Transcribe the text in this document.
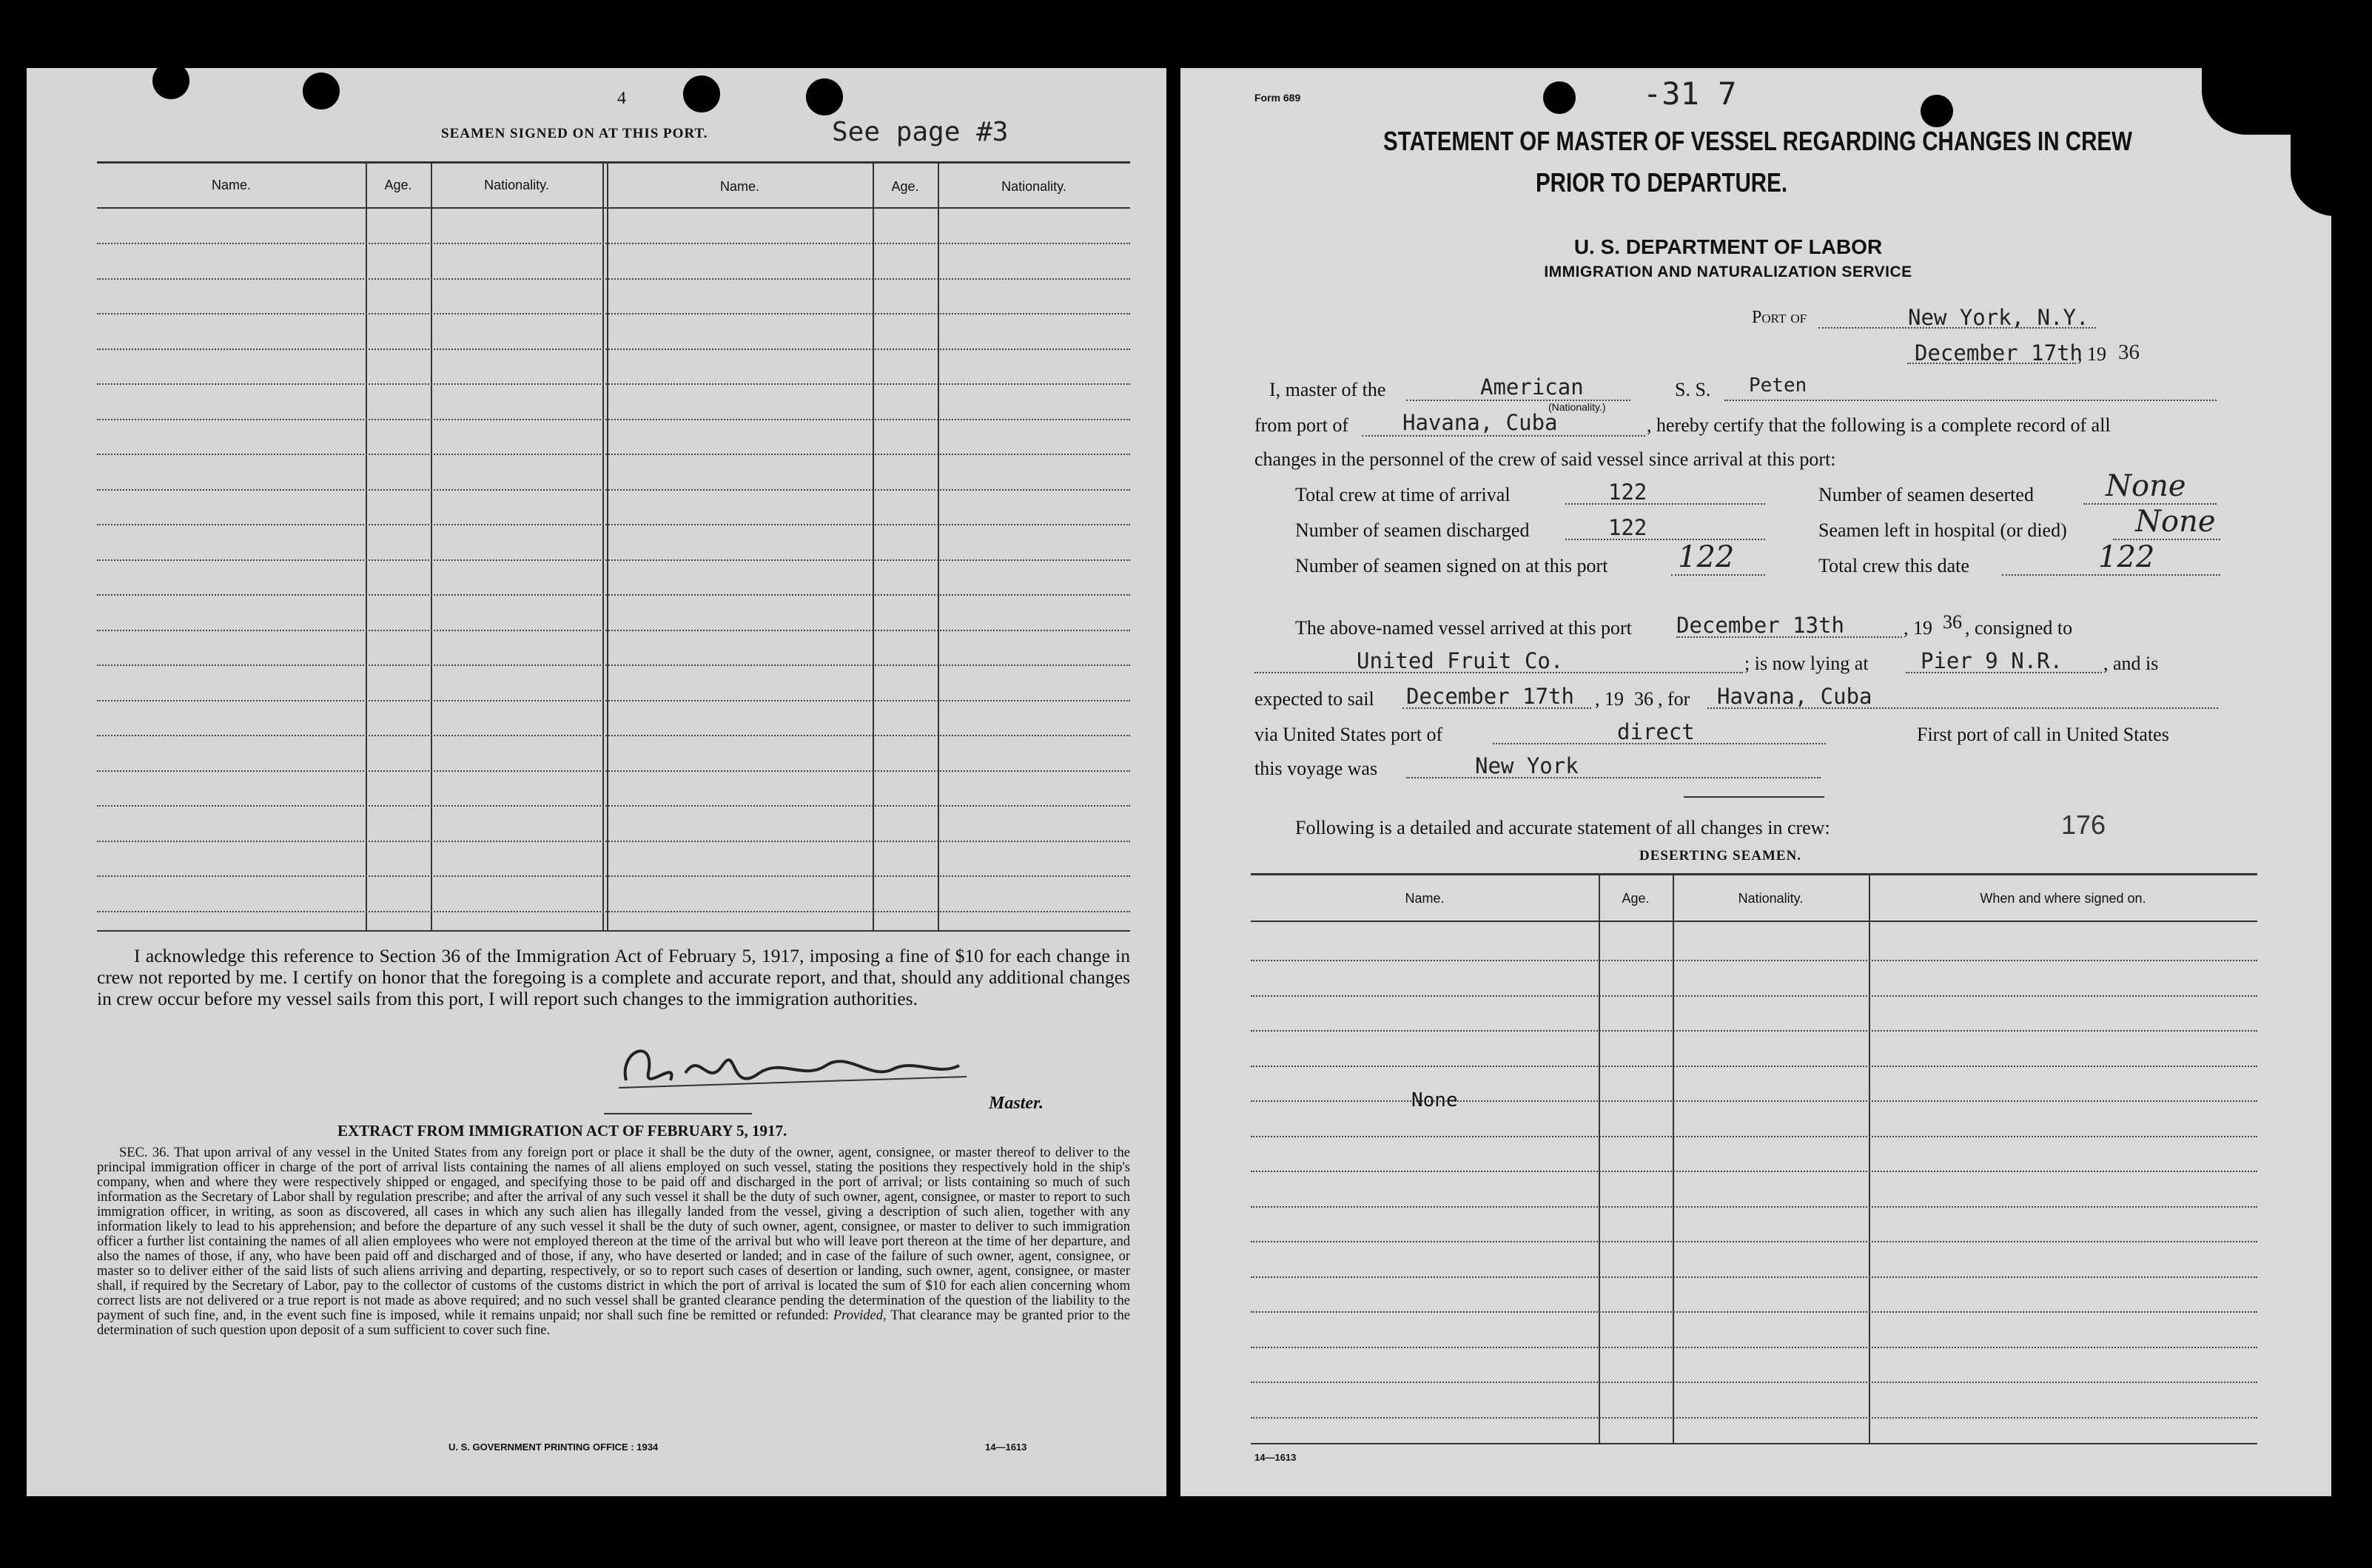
4
SEAMEN SIGNED ON AT THIS PORT.	See page #3
Name.	Age.	Nationality.	Name.	Age.	Nationality.
I acknowledge this reference to Section 36 of the Immigration Act of February 5, 1917, imposing a fine of $10 for each change in crew not reported by me. I certify on honor that the foregoing is a complete and accurate report, and that, should any additional changes in crew occur before my vessel sails from this port, I will report such changes to the immigration authorities.
Master.
EXTRACT FROM IMMIGRATION ACT OF FEBRUARY 5, 1917.
SEC. 36. That upon arrival of any vessel in the United States from any foreign port or place it shall be the duty of the owner, agent, consignee, or master thereof to deliver to the principal immigration officer in charge of the port of arrival lists containing the names of all aliens employed on such vessel, stating the positions they respectively hold in the ship's company, when and where they were respectively shipped or engaged, and specifying those to be paid off and discharged in the port of arrival; or lists containing so much of such information as the Secretary of Labor shall by regulation prescribe; and after the arrival of any such vessel it shall be the duty of such owner, agent, consignee, or master to report to such immigration officer, in writing, as soon as discovered, all cases in which any such alien has illegally landed from the vessel, giving a description of such alien, together with any information likely to lead to his apprehension; and before the departure of any such vessel it shall be the duty of such owner, agent, consignee, or master to deliver to such immigration officer a further list containing the names of all alien employees who were not employed thereon at the time of the arrival but who will leave port thereon at the time of her departure, and also the names of those, if any, who have been paid off and discharged and of those, if any, who have deserted or landed; and in case of the failure of such owner, agent, consignee, or master so to deliver either of the said lists of such aliens arriving and departing, respectively, or so to report such cases of desertion or landing, such owner, agent, consignee, or master shall, if required by the Secretary of Labor, pay to the collector of customs of the customs district in which the port of arrival is located the sum of $10 for each alien concerning whom correct lists are not delivered or a true report is not made as above required; and no such vessel shall be granted clearance pending the determination of the question of the liability to the payment of such fine, and, in the event such fine is imposed, while it remains unpaid; nor shall such fine be remitted or refunded: Provided, That clearance may be granted prior to the determination of such question upon deposit of a sum sufficient to cover such fine.
U. S. GOVERNMENT PRINTING OFFICE : 1934	14—1613
Form 689	-31 7
STATEMENT OF MASTER OF VESSEL REGARDING CHANGES IN CREW
PRIOR TO DEPARTURE.
U. S. DEPARTMENT OF LABOR
IMMIGRATION AND NATURALIZATION SERVICE
Port of	New York, N.Y.
December 17th
, 19 36
I, master of the	American
(Nationality.)
S. S. Peten
from port of	Havana, Cuba	, hereby certify that the following is a complete record of all
changes in the personnel of the crew of said vessel since arrival at this port:
Total crew at time of arrival	122	Number of seamen deserted None
Number of seamen discharged	122	Seamen left in hospital (or died) None
Number of seamen signed on at this port 122	Total crew this date	122
The above-named vessel arrived at this port December 13th	, 19 36 , consigned to
United Fruit Co.	; is now lying at Pier 9 N.R. , and is
expected to sail December 17th , 19 36 , for Havana, Cuba
via United States port of	direct	First port of call in United States
this voyage was	New York
Following is a detailed and accurate statement of all changes in crew:	176
DESERTING SEAMEN.
Name.	Age.	Nationality.	When and where signed on.
None
14—1613
